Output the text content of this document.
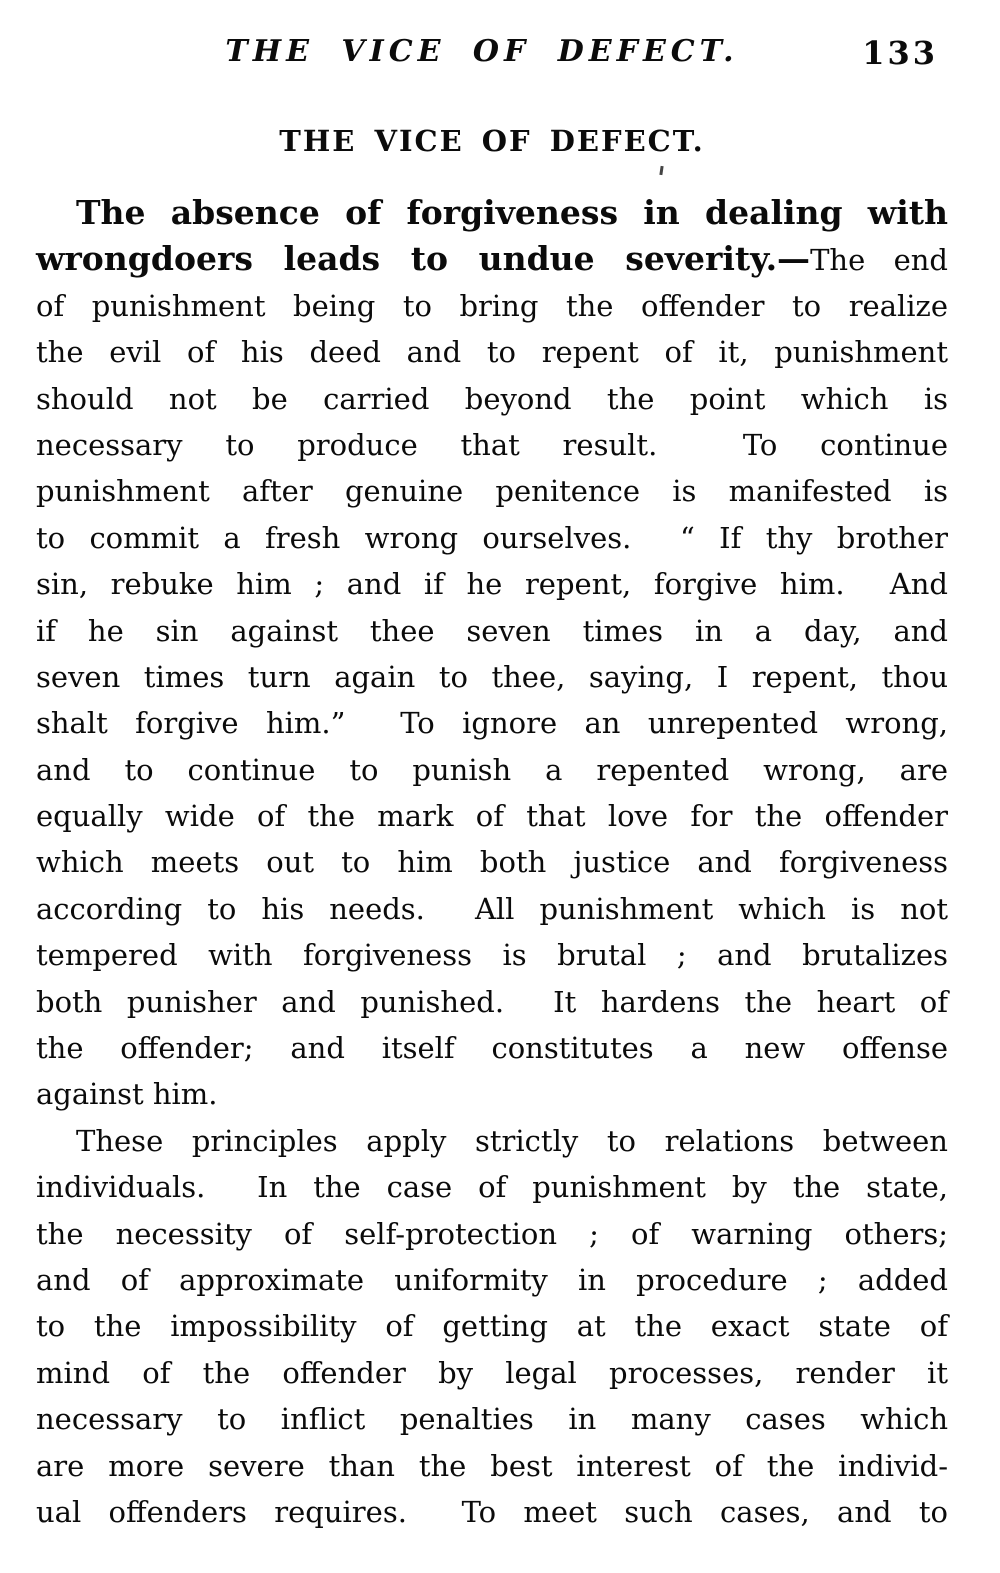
THE VICE OF DEFECT.	133
THE VICE OF DEFECT.
The absence of forgiveness in dealing with
wrongdoers leads to undue severity.—The end
of punishment being to bring the offender to realize
the evil of his deed and to repent of it, punishment
should not be carried beyond the point which is
necessary to produce that result.  To continue
punishment after genuine penitence is manifested is
to commit a fresh wrong ourselves.  “ If thy brother
sin, rebuke him ; and if he repent, forgive him.  And
if he sin against thee seven times in a day, and
seven times turn again to thee, saying, I repent, thou
shalt forgive him.”  To ignore an unrepented wrong,
and to continue to punish a repented wrong, are
equally wide of the mark of that love for the offender
which meets out to him both justice and forgiveness
according to his needs.  All punishment which is not
tempered with forgiveness is brutal ; and brutalizes
both punisher and punished.  It hardens the heart of
the offender; and itself constitutes a new offense
against him.
These principles apply strictly to relations between
individuals.  In the case of punishment by the state,
the necessity of self-protection ; of warning others;
and of approximate uniformity in procedure ; added
to the impossibility of getting at the exact state of
mind of the offender by legal processes, render it
necessary to inflict penalties in many cases which
are more severe than the best interest of the individ-
ual offenders requires.  To meet such cases, and to
